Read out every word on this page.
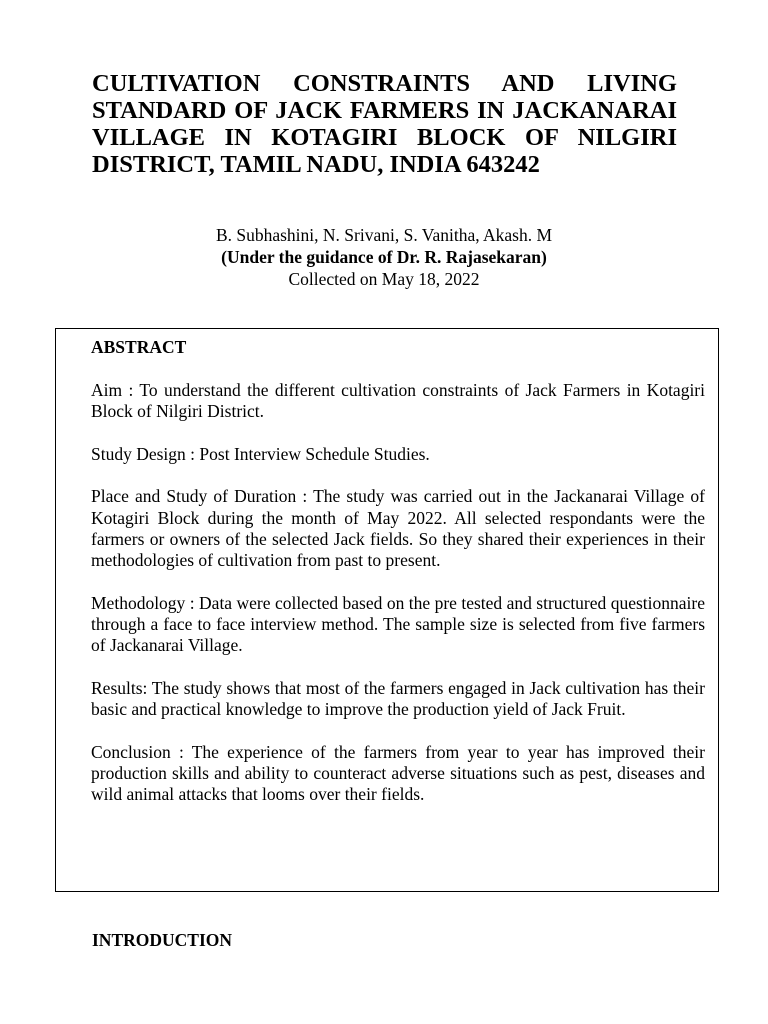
CULTIVATION CONSTRAINTS AND LIVING STANDARD OF JACK FARMERS IN JACKANARAI VILLAGE IN KOTAGIRI BLOCK OF NILGIRI DISTRICT, TAMIL NADU, INDIA 643242

B. Subhashini, N. Srivani, S. Vanitha, Akash. M

(Under the guidance of Dr. R. Rajasekaran)

Collected on May 18, 2022

ABSTRACT

Aim : To understand the different cultivation constraints of Jack Farmers in Kotagiri Block of Nilgiri District.

Study Design : Post Interview Schedule Studies.

Place and Study of Duration : The study was carried out in the Jackanarai Village of Kotagiri Block during the month of May 2022. All selected respondants were the farmers or owners of the selected Jack fields. So they shared their experiences in their methodologies of cultivation from past to present.

Methodology : Data were collected based on the pre tested and structured questionnaire through a face to face interview method. The sample size is selected from five farmers of Jackanarai Village.

Results: The study shows that most of the farmers engaged in Jack cultivation has their basic and practical knowledge to improve the production yield of Jack Fruit.

Conclusion : The experience of the farmers from year to year has improved their production skills and ability to counteract adverse situations such as pest, diseases and wild animal attacks that looms over their fields.

INTRODUCTION
